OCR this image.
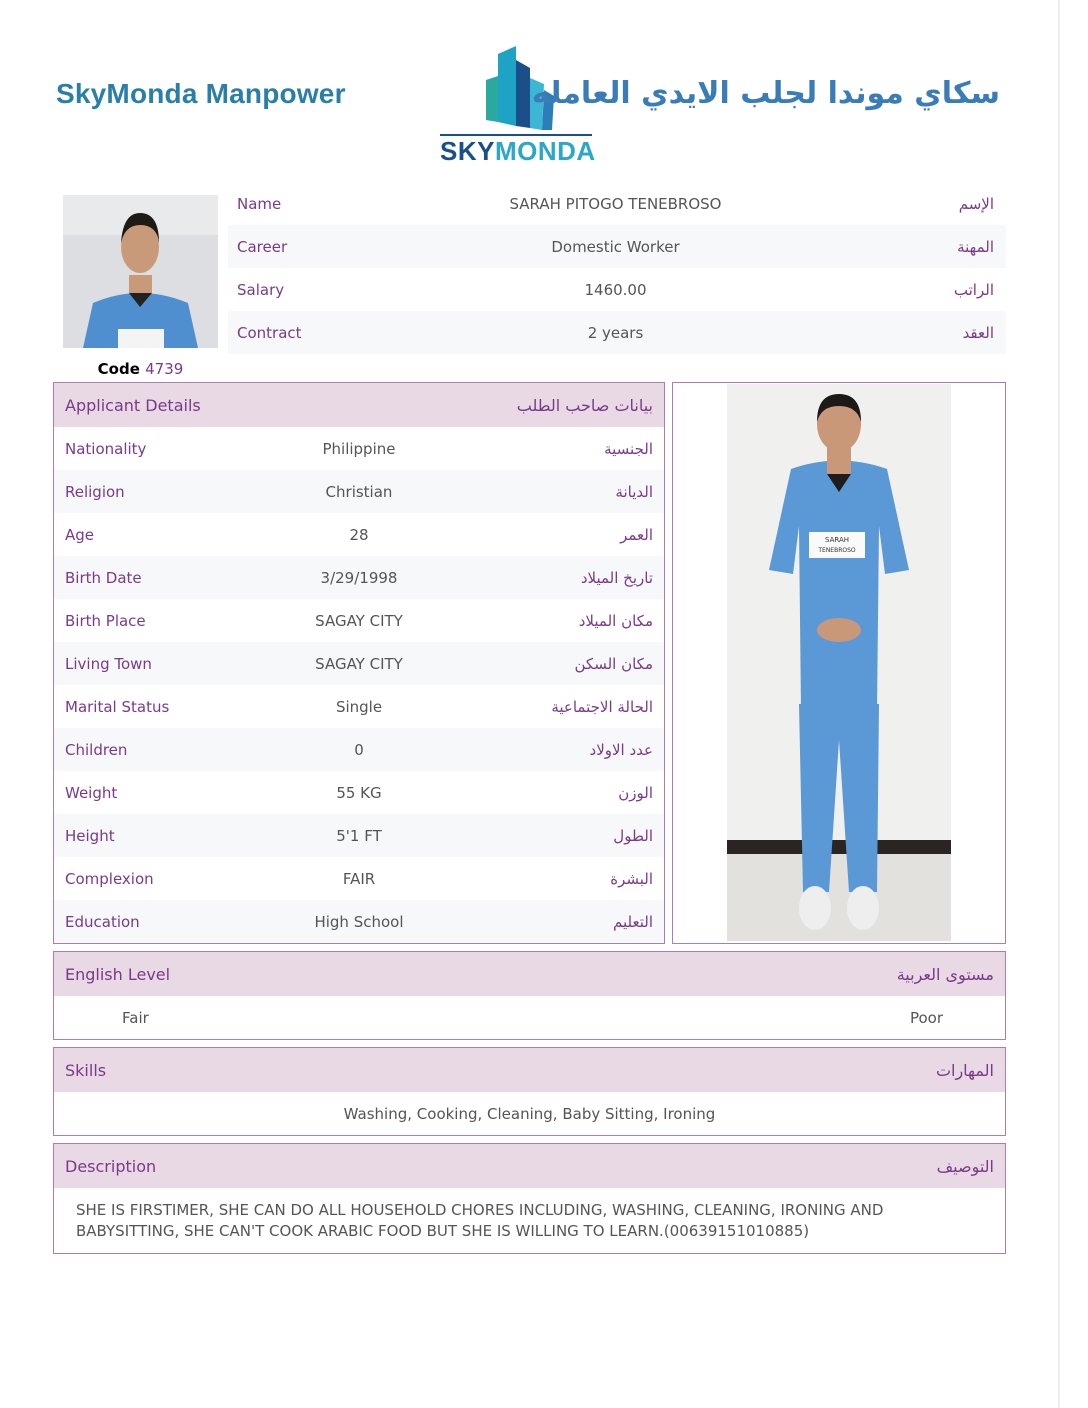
SkyMonda Manpower
SKYMONDA
سكاي موندا لجلب الايدي العامله
Code 4739
Name	SARAH PITOGO TENEBROSO	الإسم
Career	Domestic Worker	المهنة
Salary	1460.00	الراتب
Contract	2 years	العقد
Applicant Details	بيانات صاحب الطلب
Nationality	Philippine	الجنسية
Religion	Christian	الديانة
Age	28	العمر
Birth Date	3/29/1998	تاريخ الميلاد
Birth Place	SAGAY CITY	مكان الميلاد
Living Town	SAGAY CITY	مكان السكن
Marital Status	Single	الحالة الاجتماعية
Children	0	عدد الاولاد
Weight	55 KG	الوزن
Height	5'1 FT	الطول
Complexion	FAIR	البشرة
Education	High School	التعليم
SARAH
TENEBROSO
English Level	مستوى العربية
Fair	Poor
Skills	المهارات
Washing, Cooking, Cleaning, Baby Sitting, Ironing
Description	التوصيف
SHE IS FIRSTIMER, SHE CAN DO ALL HOUSEHOLD CHORES INCLUDING, WASHING, CLEANING, IRONING AND BABYSITTING, SHE CAN'T COOK ARABIC FOOD BUT SHE IS WILLING TO LEARN.(00639151010885)
